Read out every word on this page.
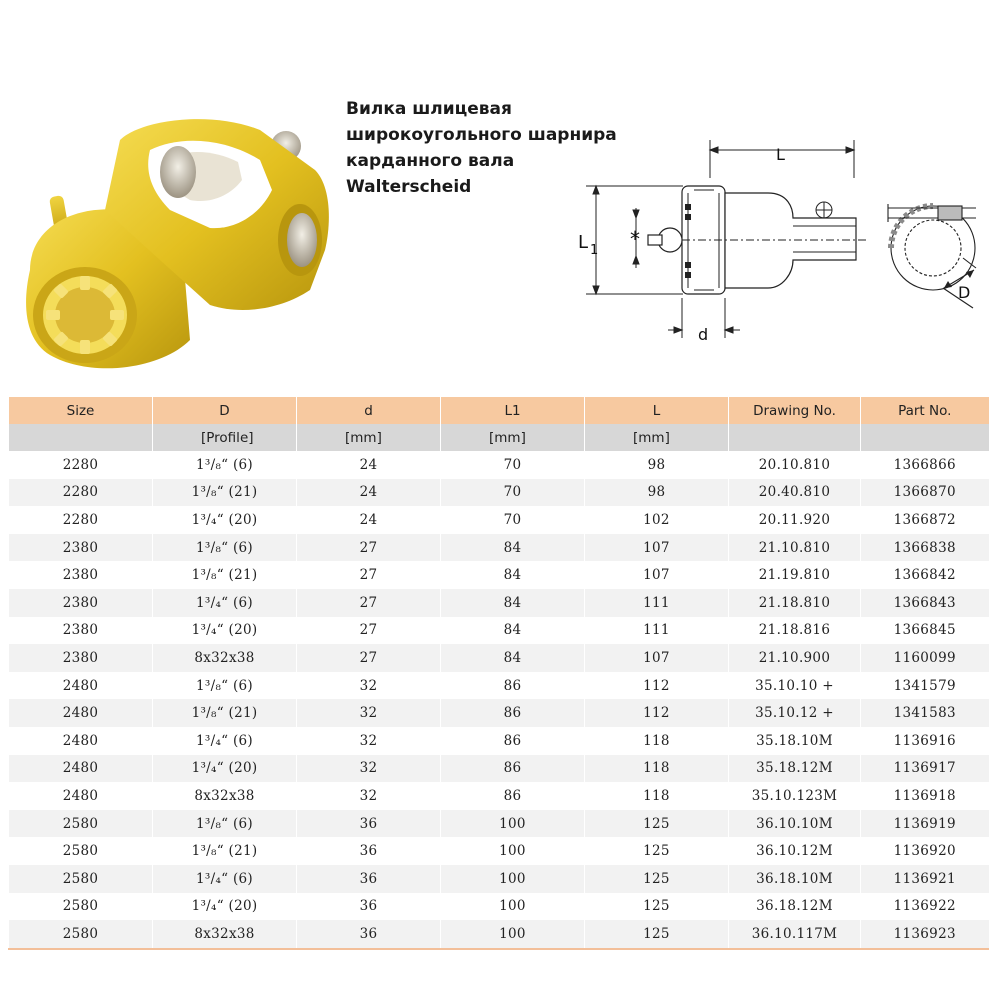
Вилка шлицевая
широкоугольного шарнира
карданного вала
Walterscheid
L
L 1 *
d
D
Size	D	d	L1	L	Drawing No.	Part No.
	[Profile]	[mm]	[mm]	[mm]		
2280	1³/₈“ (6)	24	70	98	20.10.810	1366866
2280	1³/₈“ (21)	24	70	98	20.40.810	1366870
2280	1³/₄“ (20)	24	70	102	20.11.920	1366872
2380	1³/₈“ (6)	27	84	107	21.10.810	1366838
2380	1³/₈“ (21)	27	84	107	21.19.810	1366842
2380	1³/₄“ (6)	27	84	111	21.18.810	1366843
2380	1³/₄“ (20)	27	84	111	21.18.816	1366845
2380	8x32x38	27	84	107	21.10.900	1160099
2480	1³/₈“ (6)	32	86	112	35.10.10 +	1341579
2480	1³/₈“ (21)	32	86	112	35.10.12 +	1341583
2480	1³/₄“ (6)	32	86	118	35.18.10M	1136916
2480	1³/₄“ (20)	32	86	118	35.18.12M	1136917
2480	8x32x38	32	86	118	35.10.123M	1136918
2580	1³/₈“ (6)	36	100	125	36.10.10M	1136919
2580	1³/₈“ (21)	36	100	125	36.10.12M	1136920
2580	1³/₄“ (6)	36	100	125	36.18.10M	1136921
2580	1³/₄“ (20)	36	100	125	36.18.12M	1136922
2580	8x32x38	36	100	125	36.10.117M	1136923
